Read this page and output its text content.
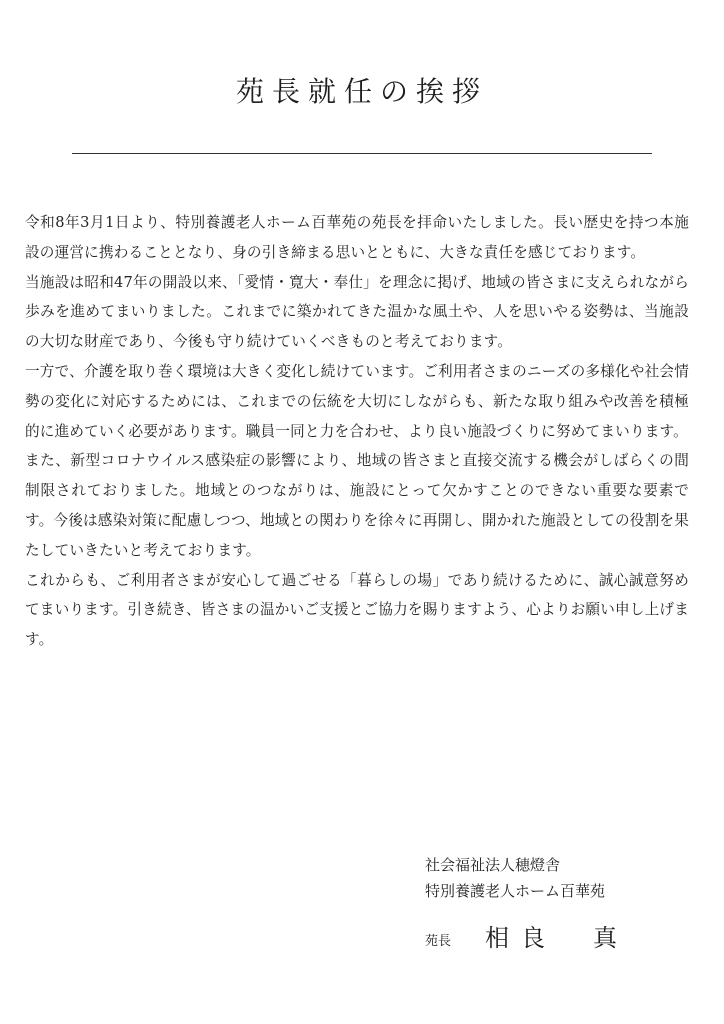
苑長就任の挨拶

令和8年3月1日より、特別養護老人ホーム百華苑の苑長を拝命いたしました。長い歴史を持つ本施設の運営に携わることとなり、身の引き締まる思いとともに、大きな責任を感じております。

当施設は昭和47年の開設以来、「愛情・寛大・奉仕」を理念に掲げ、地域の皆さまに支えられながら歩みを進めてまいりました。これまでに築かれてきた温かな風土や、人を思いやる姿勢は、当施設の大切な財産であり、今後も守り続けていくべきものと考えております。

一方で、介護を取り巻く環境は大きく変化し続けています。ご利用者さまのニーズの多様化や社会情勢の変化に対応するためには、これまでの伝統を大切にしながらも、新たな取り組みや改善を積極的に進めていく必要があります。職員一同と力を合わせ、より良い施設づくりに努めてまいります。

また、新型コロナウイルス感染症の影響により、地域の皆さまと直接交流する機会がしばらくの間制限されておりました。地域とのつながりは、施設にとって欠かすことのできない重要な要素です。今後は感染対策に配慮しつつ、地域との関わりを徐々に再開し、開かれた施設としての役割を果たしていきたいと考えております。

これからも、ご利用者さまが安心して過ごせる「暮らしの場」であり続けるために、誠心誠意努めてまいります。引き続き、皆さまの温かいご支援とご協力を賜りますよう、心よりお願い申し上げます。

社会福祉法人穂燈舎
特別養護老人ホーム百華苑
苑長 相良　真
